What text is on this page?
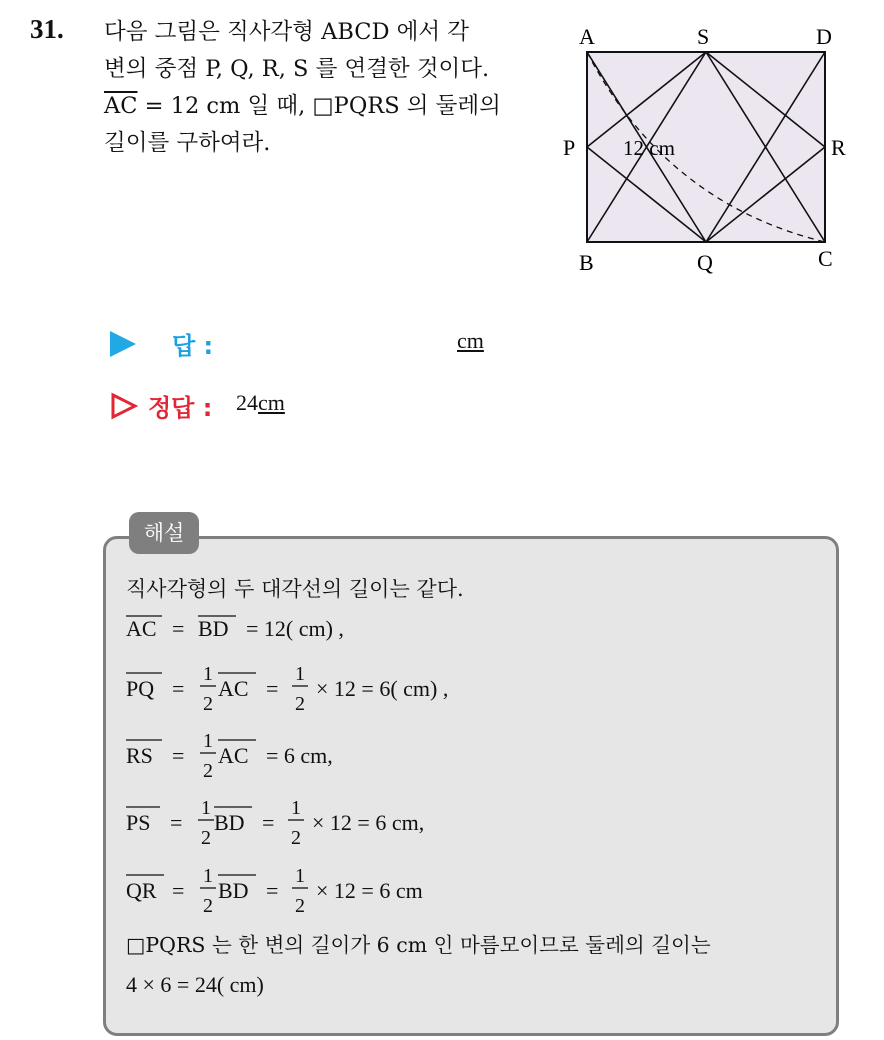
31. 다음 그림은 직사각형 ABCD 에서 각
변의 중점 P, Q, R, S 를 연결한 것이다.
$\overline{AC} = 12$ cm 일 때, □PQRS 의 둘레의
길이를 구하여라.
A	S	D
P	R
B	Q	C
12 cm
답 :	cm
정답 : 24cm
해설
직사각형의 두 대각선의 길이는 같다.
AC = BD = 12( cm) ,
PQ =
1
2
AC =
1
2
× 12 = 6( cm) ,
RS =
1
2
AC = 6 cm,
PS =
1
2
BD =
1
2
× 12 = 6 cm,
QR =
1
2
BD =
1
2
× 12 = 6 cm
□PQRS 는 한 변의 길이가 6 cm 인 마름모이므로 둘레의 길이는
4 × 6 = 24( cm)
